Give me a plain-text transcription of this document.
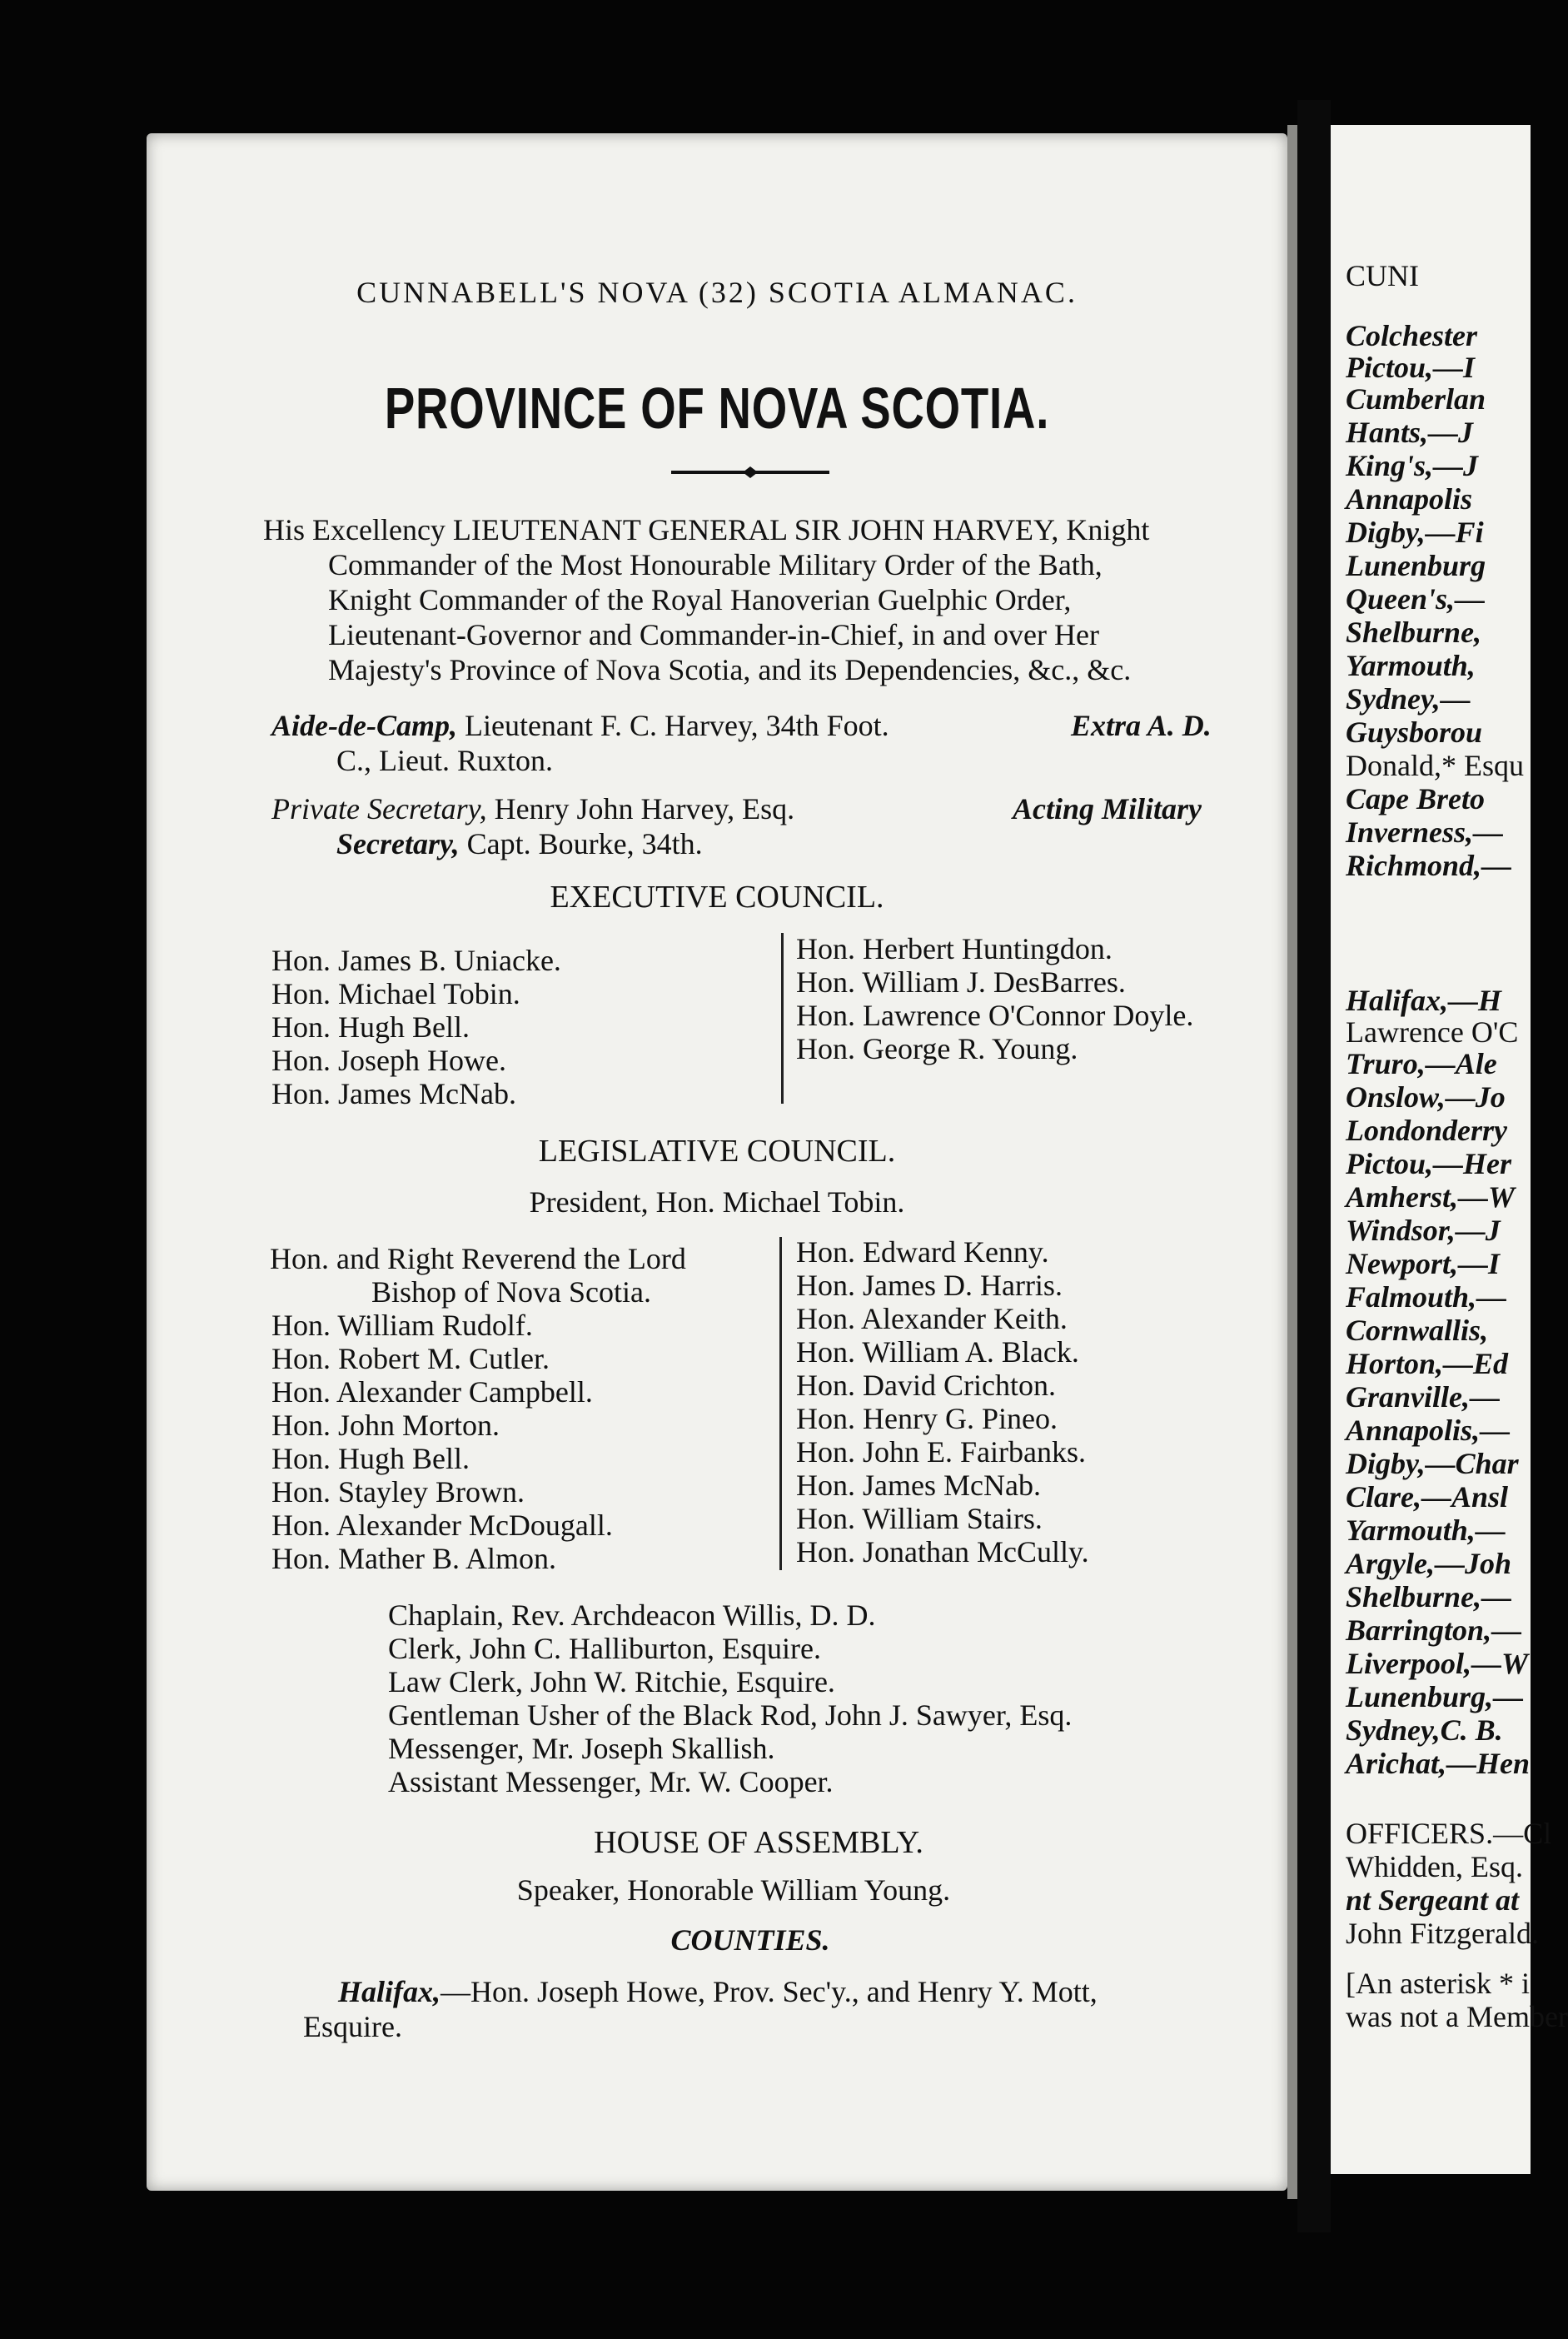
CUNNABELL'S NOVA (32) SCOTIA ALMANAC.
PROVINCE OF NOVA SCOTIA.
His Excellency LIEUTENANT GENERAL SIR JOHN HARVEY, Knight
Commander of the Most Honourable Military Order of the Bath,
Knight Commander of the Royal Hanoverian Guelphic Order,
Lieutenant-Governor and Commander-in-Chief, in and over Her
Majesty's Province of Nova Scotia, and its Dependencies, &c., &c.
Aide-de-Camp, Lieutenant F. C. Harvey, 34th Foot.	Extra A. D.
C., Lieut. Ruxton.
Private Secretary, Henry John Harvey, Esq.	Acting Military
Secretary, Capt. Bourke, 34th.
EXECUTIVE COUNCIL.
Hon. James B. Uniacke.
Hon. Michael Tobin.
Hon. Hugh Bell.
Hon. Joseph Howe.
Hon. James McNab.
Hon. Herbert Huntingdon.
Hon. William J. DesBarres.
Hon. Lawrence O'Connor Doyle.
Hon. George R. Young.
LEGISLATIVE COUNCIL.
President, Hon. Michael Tobin.
Hon. and Right Reverend the Lord
Bishop of Nova Scotia.
Hon. William Rudolf.
Hon. Robert M. Cutler.
Hon. Alexander Campbell.
Hon. John Morton.
Hon. Hugh Bell.
Hon. Stayley Brown.
Hon. Alexander McDougall.
Hon. Mather B. Almon.
Hon. Edward Kenny.
Hon. James D. Harris.
Hon. Alexander Keith.
Hon. William A. Black.
Hon. David Crichton.
Hon. Henry G. Pineo.
Hon. John E. Fairbanks.
Hon. James McNab.
Hon. William Stairs.
Hon. Jonathan McCully.
Chaplain, Rev. Archdeacon Willis, D. D.
Clerk, John C. Halliburton, Esquire.
Law Clerk, John W. Ritchie, Esquire.
Gentleman Usher of the Black Rod, John J. Sawyer, Esq.
Messenger, Mr. Joseph Skallish.
Assistant Messenger, Mr. W. Cooper.
HOUSE OF ASSEMBLY.
Speaker, Honorable William Young.
COUNTIES.
Halifax,—Hon. Joseph Howe, Prov. Sec'y., and Henry Y. Mott,
Esquire.
CUNI
Colchester
Pictou,—I
Cumberlan
Hants,—J
King's,—J
Annapolis
Digby,—Fi
Lunenburg
Queen's,—
Shelburne,
Yarmouth,
Sydney,—
Guysborou
Donald,* Esqu
Cape Breto
Inverness,—
Richmond,—
Halifax,—H
Lawrence O'C
Truro,—Ale
Onslow,—Jo
Londonderry
Pictou,—Her
Amherst,—W
Windsor,—J
Newport,—I
Falmouth,—
Cornwallis,
Horton,—Ed
Granville,—
Annapolis,—
Digby,—Char
Clare,—Ansl
Yarmouth,—
Argyle,—Joh
Shelburne,—
Barrington,—
Liverpool,—W
Lunenburg,—
Sydney,C. B.
Arichat,—Hen
OFFICERS.—Cl
Whidden, Esq.
nt Sergeant at
John Fitzgerald.
[An asterisk * i
was not a Member
